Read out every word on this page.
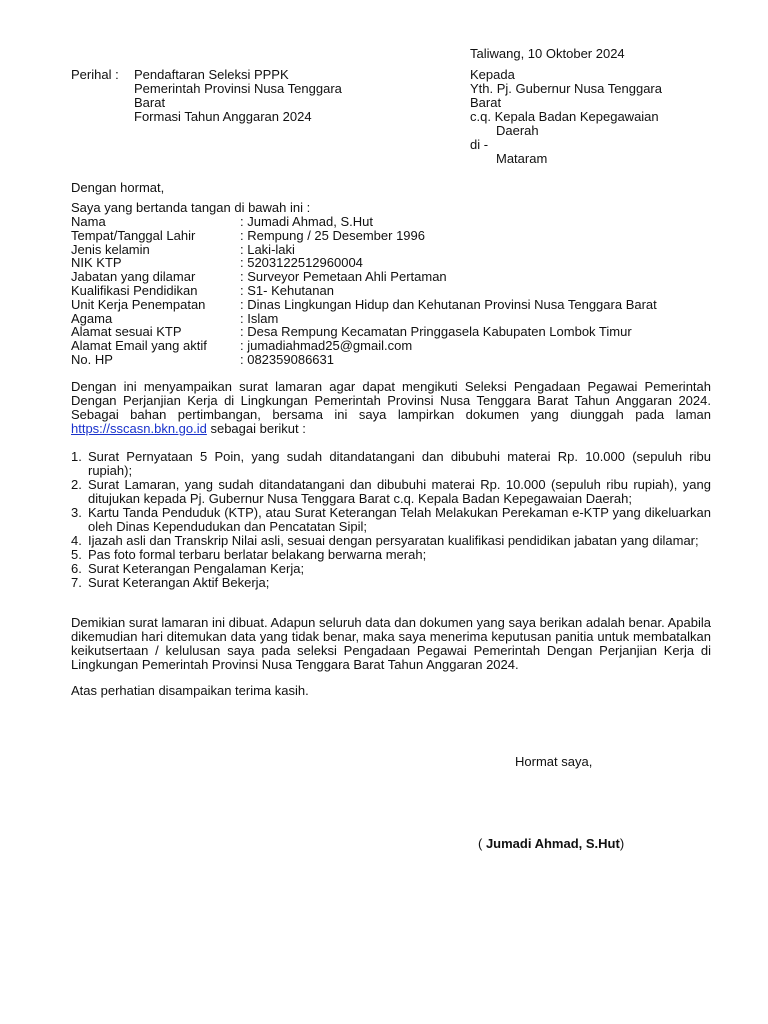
Taliwang, 10 Oktober 2024
Perihal : Pendaftaran Seleksi PPPK
Pemerintah Provinsi Nusa Tenggara
Barat
Formasi Tahun Anggaran 2024
Kepada
Yth. Pj. Gubernur Nusa Tenggara
Barat
c.q. Kepala Badan Kepegawaian
Daerah
di -
Mataram
Dengan hormat,
Saya yang bertanda tangan di bawah ini :
Nama	: Jumadi Ahmad, S.Hut
Tempat/Tanggal Lahir	: Rempung / 25 Desember 1996
Jenis kelamin	: Laki-laki
NIK KTP	: 5203122512960004
Jabatan yang dilamar	: Surveyor Pemetaan Ahli Pertaman
Kualifikasi Pendidikan	: S1- Kehutanan
Unit Kerja Penempatan	: Dinas Lingkungan Hidup dan Kehutanan Provinsi Nusa Tenggara Barat
Agama	: Islam
Alamat sesuai KTP	: Desa Rempung Kecamatan Pringgasela Kabupaten Lombok Timur
Alamat Email yang aktif	: jumadiahmad25@gmail.com
No. HP	: 082359086631
Dengan ini menyampaikan surat lamaran agar dapat mengikuti Seleksi Pengadaan Pegawai Pemerintah Dengan Perjanjian Kerja di Lingkungan Pemerintah Provinsi Nusa Tenggara Barat Tahun Anggaran 2024. Sebagai bahan pertimbangan, bersama ini saya lampirkan dokumen yang diunggah pada laman https://sscasn.bkn.go.id sebagai berikut :
1. Surat Pernyataan 5 Poin, yang sudah ditandatangani dan dibubuhi materai Rp. 10.000 (sepuluh ribu rupiah);
2. Surat Lamaran, yang sudah ditandatangani dan dibubuhi materai Rp. 10.000 (sepuluh ribu rupiah), yang ditujukan kepada Pj. Gubernur Nusa Tenggara Barat c.q. Kepala Badan Kepegawaian Daerah;
3. Kartu Tanda Penduduk (KTP), atau Surat Keterangan Telah Melakukan Perekaman e-KTP yang dikeluarkan oleh Dinas Kependudukan dan Pencatatan Sipil;
4. Ijazah asli dan Transkrip Nilai asli, sesuai dengan persyaratan kualifikasi pendidikan jabatan yang dilamar;
5. Pas foto formal terbaru berlatar belakang berwarna merah;
6. Surat Keterangan Pengalaman Kerja;
7. Surat Keterangan Aktif Bekerja;
Demikian surat lamaran ini dibuat. Adapun seluruh data dan dokumen yang saya berikan adalah benar. Apabila dikemudian hari ditemukan data yang tidak benar, maka saya menerima keputusan panitia untuk membatalkan keikutsertaan / kelulusan saya pada seleksi Pengadaan Pegawai Pemerintah Dengan Perjanjian Kerja di Lingkungan Pemerintah Provinsi Nusa Tenggara Barat Tahun Anggaran 2024.
Atas perhatian disampaikan terima kasih.
Hormat saya,
( Jumadi Ahmad, S.Hut)
